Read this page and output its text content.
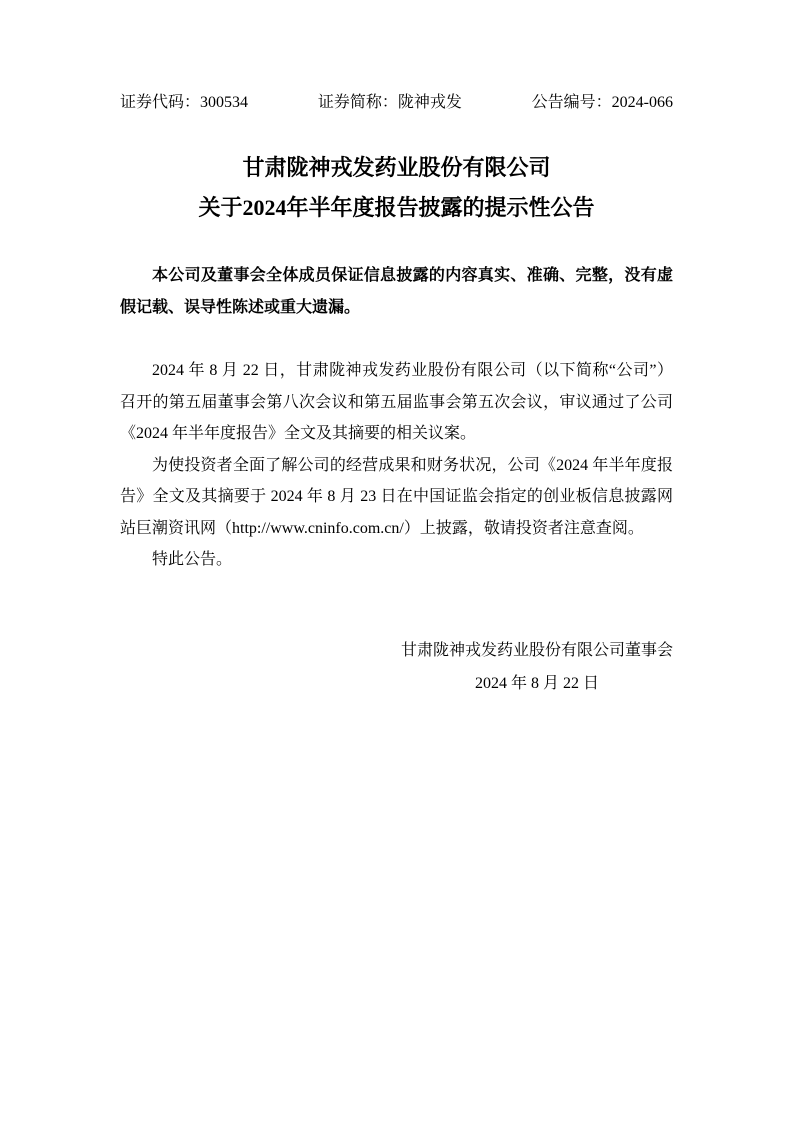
证券代码：300534	证券简称：陇神戎发	公告编号：2024-066
甘肃陇神戎发药业股份有限公司
关于2024年半年度报告披露的提示性公告

本公司及董事会全体成员保证信息披露的内容真实、准确、完整，没有虚假记载、误导性陈述或重大遗漏。

2024 年 8 月 22 日，甘肃陇神戎发药业股份有限公司（以下简称“公司”）召开的第五届董事会第八次会议和第五届监事会第五次会议，审议通过了公司《2024 年半年度报告》全文及其摘要的相关议案。

为使投资者全面了解公司的经营成果和财务状况，公司《2024 年半年度报告》全文及其摘要于 2024 年 8 月 23 日在中国证监会指定的创业板信息披露网站巨潮资讯网（http://www.cninfo.com.cn/）上披露，敬请投资者注意查阅。

特此公告。

甘肃陇神戎发药业股份有限公司董事会
2024 年 8 月 22 日
